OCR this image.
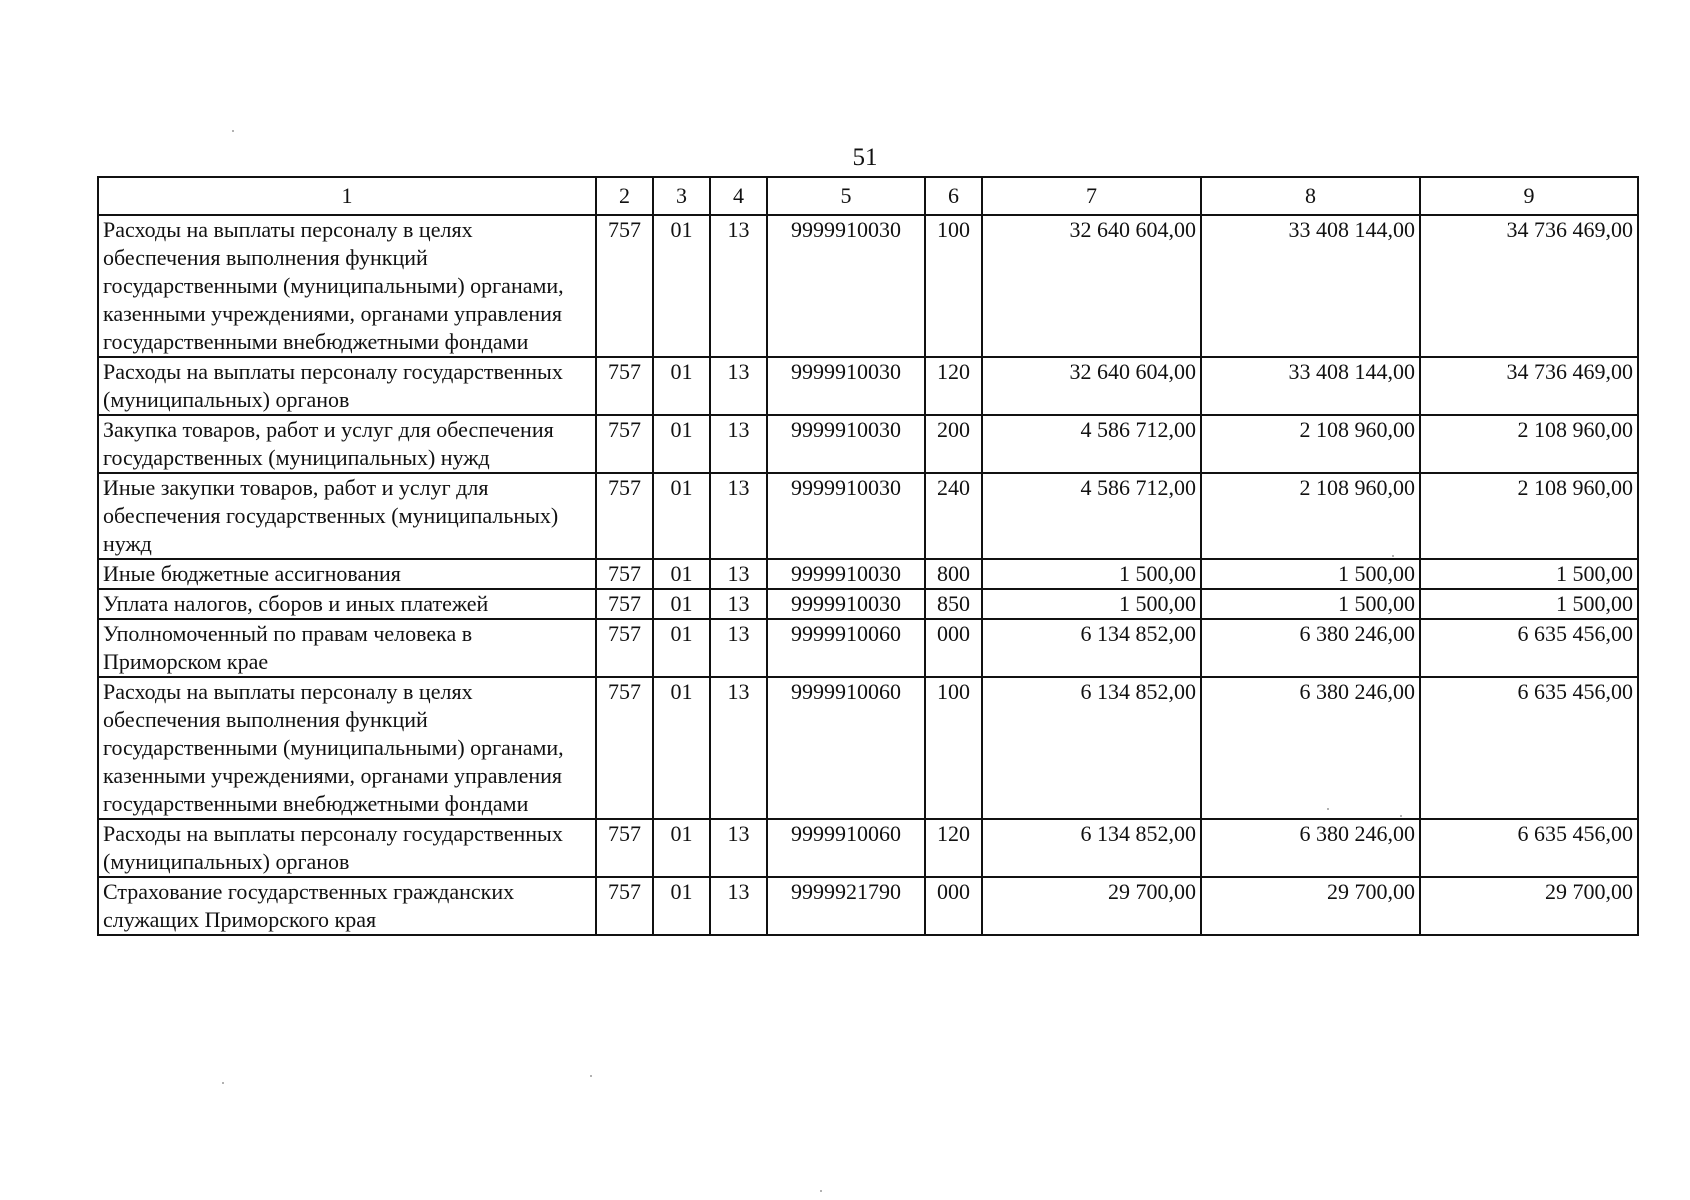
51
1	2	3	4	5	6	7	8	9
Расходы на выплаты персоналу в целях обеспечения выполнения функций государственными (муниципальными) органами, казенными учреждениями, органами управления государственными внебюджетными фондами	757	01	13	9999910030	100	32 640 604,00	33 408 144,00	34 736 469,00
Расходы на выплаты персоналу государственных (муниципальных) органов	757	01	13	9999910030	120	32 640 604,00	33 408 144,00	34 736 469,00
Закупка товаров, работ и услуг для обеспечения государственных (муниципальных) нужд	757	01	13	9999910030	200	4 586 712,00	2 108 960,00	2 108 960,00
Иные закупки товаров, работ и услуг для обеспечения государственных (муниципальных) нужд	757	01	13	9999910030	240	4 586 712,00	2 108 960,00	2 108 960,00
Иные бюджетные ассигнования	757	01	13	9999910030	800	1 500,00	1 500,00	1 500,00
Уплата налогов, сборов и иных платежей	757	01	13	9999910030	850	1 500,00	1 500,00	1 500,00
Уполномоченный по правам человека в Приморском крае	757	01	13	9999910060	000	6 134 852,00	6 380 246,00	6 635 456,00
Расходы на выплаты персоналу в целях обеспечения выполнения функций государственными (муниципальными) органами, казенными учреждениями, органами управления государственными внебюджетными фондами	757	01	13	9999910060	100	6 134 852,00	6 380 246,00	6 635 456,00
Расходы на выплаты персоналу государственных (муниципальных) органов	757	01	13	9999910060	120	6 134 852,00	6 380 246,00	6 635 456,00
Страхование государственных гражданских служащих Приморского края	757	01	13	9999921790	000	29 700,00	29 700,00	29 700,00
